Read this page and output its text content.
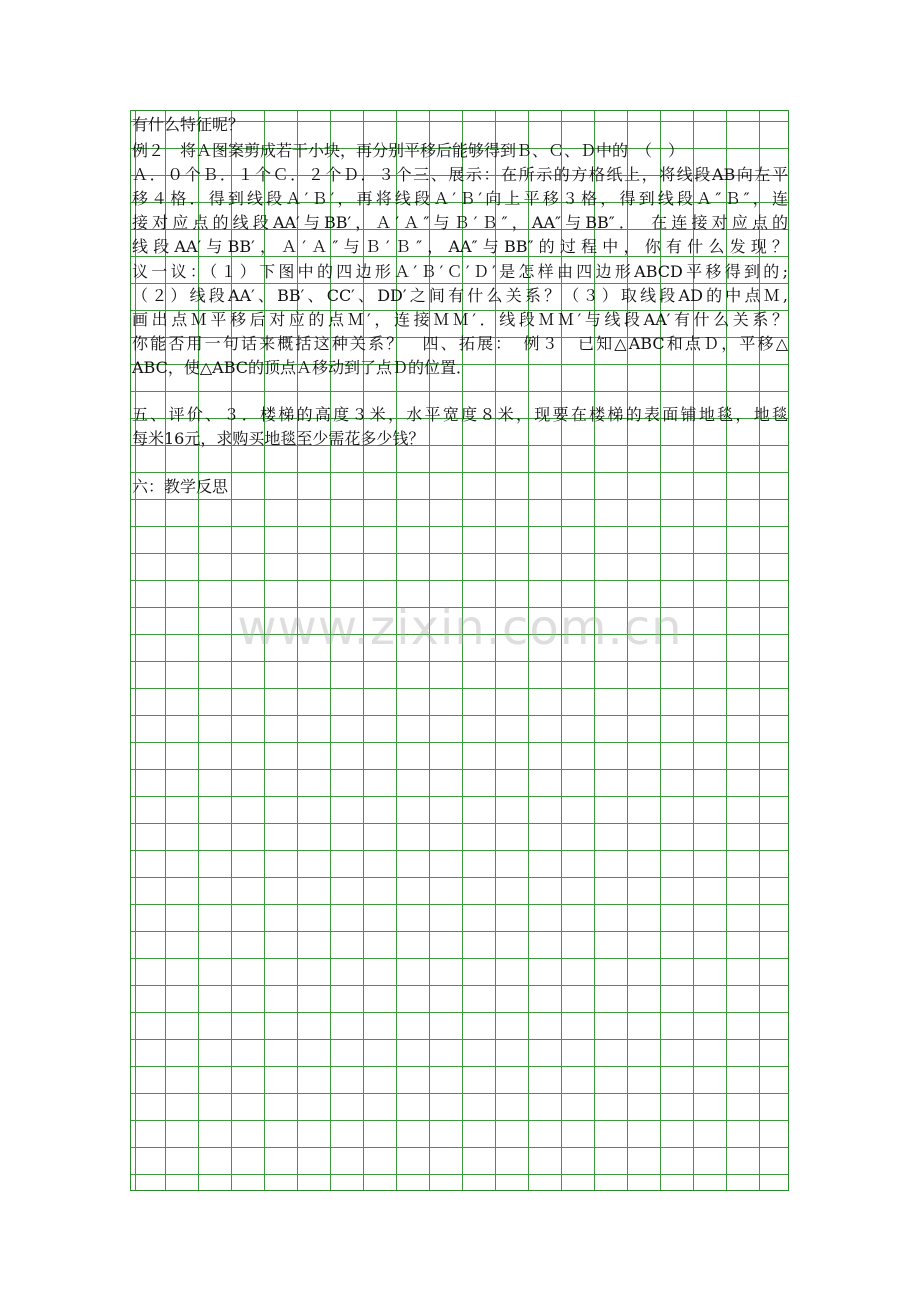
有什么特征呢？
例２　将Ａ图案剪成若干小块，再分别平移后能够得到Ｂ、Ｃ、Ｄ中的　（　）
Ａ．０个Ｂ．１个Ｃ．２个Ｄ．３个三、展示：在所示的方格纸上，将线段AB向左平
移４格．得到线段Ａ′Ｂ′，再将线段Ａ′Ｂ′向上平移３格，得到线段Ａ″Ｂ″，连
接对应点的线段AA′与BB′，Ａ′Ａ″与Ｂ′Ｂ″，AA″与BB″．　在连接对应点的
线段AA′与BB′，Ａ′Ａ″与Ｂ′Ｂ″，AA″与BB″的过程中，你有什么发现？
议一议：（１）下图中的四边形Ａ′Ｂ′Ｃ′Ｄ′是怎样由四边形ABCD平移得到的;
（２）线段AA′、BB′、CC′、DD′之间有什么关系？（３）取线段AD的中点Ｍ,
画出点Ｍ平移后对应的点Ｍ′，连接ＭＭ′．线段ＭＭ′与线段AA′有什么关系？
你能否用一句话来概括这种关系？　四、拓展：　例３　已知△ABC和点Ｄ，平移△
ABC，使△ABC的顶点Ａ移动到了点Ｄ的位置．
五、评价、３．楼梯的高度３米，水平宽度８米，现要在楼梯的表面铺地毯，地毯
每米16元，求购买地毯至少需花多少钱？
六：教学反思
www.zixin.com.cn
